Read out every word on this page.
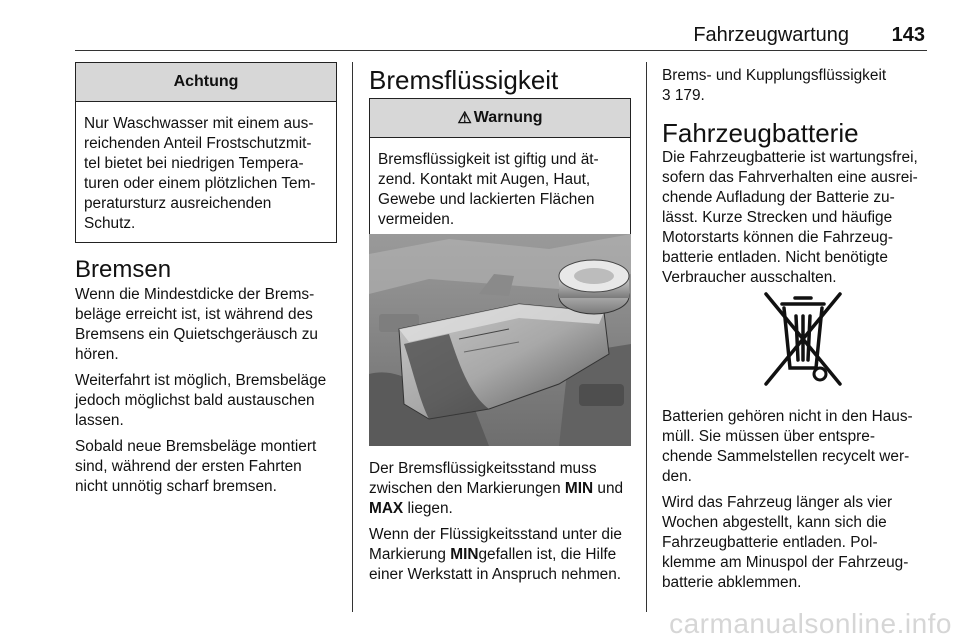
Fahrzeugwartung 143
Achtung
Nur Waschwasser mit einem aus-
reichenden Anteil Frostschutzmit-
tel bietet bei niedrigen Tempera-
turen oder einem plötzlichen Tem-
peratursturz ausreichenden
Schutz.
Bremsen
Wenn die Mindestdicke der Brems-
beläge erreicht ist, ist während des
Bremsens ein Quietschgeräusch zu
hören.
Weiterfahrt ist möglich, Bremsbeläge
jedoch möglichst bald austauschen
lassen.
Sobald neue Bremsbeläge montiert
sind, während der ersten Fahrten
nicht unnötig scharf bremsen.
Bremsflüssigkeit
⚠ Warnung
Bremsflüssigkeit ist giftig und ät-
zend. Kontakt mit Augen, Haut,
Gewebe und lackierten Flächen
vermeiden.
Der Bremsflüssigkeitsstand muss
zwischen den Markierungen MIN und
MAX liegen.
Wenn der Flüssigkeitsstand unter die
Markierung MINgefallen ist, die Hilfe
einer Werkstatt in Anspruch nehmen.
Brems- und Kupplungsflüssigkeit
3 179.
Fahrzeugbatterie
Die Fahrzeugbatterie ist wartungsfrei,
sofern das Fahrverhalten eine ausrei-
chende Aufladung der Batterie zu-
lässt. Kurze Strecken und häufige
Motorstarts können die Fahrzeug-
batterie entladen. Nicht benötigte
Verbraucher ausschalten.
Batterien gehören nicht in den Haus-
müll. Sie müssen über entspre-
chende Sammelstellen recycelt wer-
den.
Wird das Fahrzeug länger als vier
Wochen abgestellt, kann sich die
Fahrzeugbatterie entladen. Pol-
klemme am Minuspol der Fahrzeug-
batterie abklemmen.
carmanualsonline.info
